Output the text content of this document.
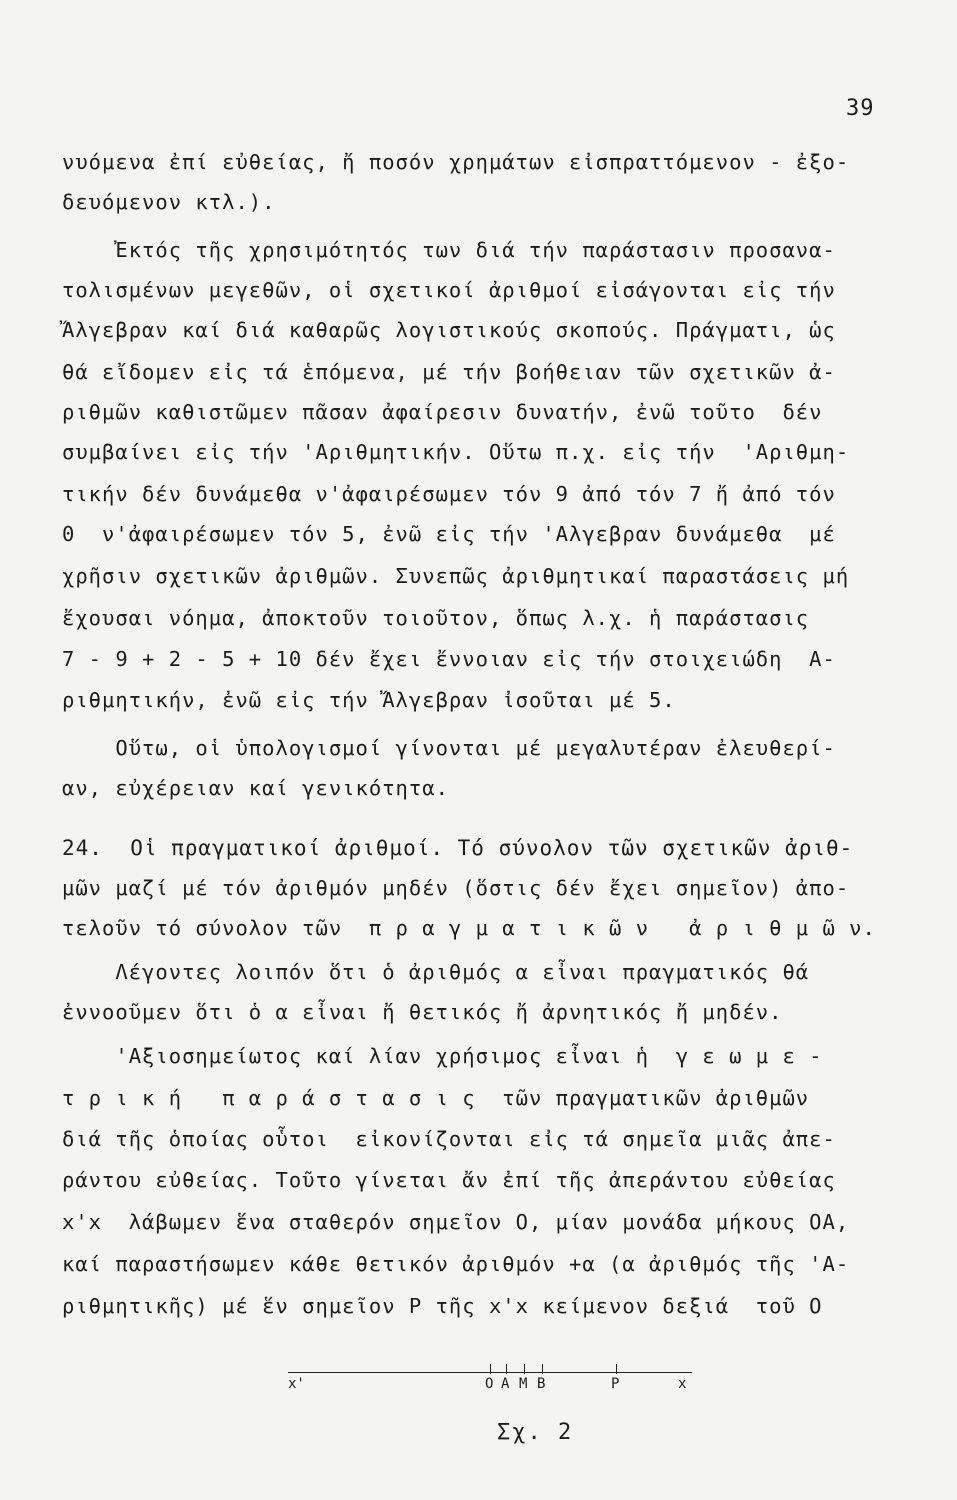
39
νυόμενα ἐπί εὐθείας, ἤ ποσόν χρημάτων εἰσπραττόμενον - ἐξο-
δευόμενον κτλ.).
Ἐκτός τῆς χρησιμότητός των διά τήν παράστασιν προσανα-
τολισμένων μεγεθῶν, οἱ σχετικοί ἀριθμοί εἰσάγονται εἰς τήν
Ἄλγεβραν καί διά καθαρῶς λογιστικούς σκοπούς. Πράγματι, ὡς
θά εἴδομεν εἰς τά ἑπόμενα, μέ τήν βοήθειαν τῶν σχετικῶν ἀ-
ριθμῶν καθιστῶμεν πᾶσαν ἀφαίρεσιν δυνατήν, ἐνῶ τοῦτο  δέν
συμβαίνει εἰς τήν 'Αριθμητικήν. Οὕτω π.χ. εἰς τήν  'Αριθμη-
τικήν δέν δυνάμεθα ν'ἀφαιρέσωμεν τόν 9 ἀπό τόν 7 ἤ ἀπό τόν
0  ν'ἀφαιρέσωμεν τόν 5, ἐνῶ εἰς τήν 'Αλγεβραν δυνάμεθα  μέ
χρῆσιν σχετικῶν ἀριθμῶν. Συνεπῶς ἀριθμητικαί παραστάσεις μή
ἔχουσαι νόημα, ἀποκτοῦν τοιοῦτον, ὅπως λ.χ. ἡ παράστασις
7 - 9 + 2 - 5 + 10 δέν ἔχει ἔννοιαν εἰς τήν στοιχειώδη  Α-
ριθμητικήν, ἐνῶ εἰς τήν Ἄλγεβραν ἰσοῦται μέ 5.
Οὕτω, οἱ ὑπολογισμοί γίνονται μέ μεγαλυτέραν ἐλευθερί-
αν, εὐχέρειαν καί γενικότητα.
24.  Οἱ πραγματικοί ἀριθμοί. Τό σύνολον τῶν σχετικῶν ἀριθ-
μῶν μαζί μέ τόν ἀριθμόν μηδέν (ὅστις δέν ἔχει σημεῖον) ἀπο-
τελοῦν τό σύνολον τῶν  π ρ α γ μ α τ ι κ ῶ ν   ἀ ρ ι θ μ ῶ ν.
Λέγοντες λοιπόν ὅτι ὁ ἀριθμός α εἶναι πραγματικός θά
ἐννοοῦμεν ὅτι ὁ α εἶναι ἤ θετικός ἤ ἀρνητικός ἤ μηδέν.
'Αξιοσημείωτος καί λίαν χρήσιμος εἶναι ἡ  γ ε ω μ ε -
τ ρ ι κ ή   π α ρ ά σ τ α σ ι ς  τῶν πραγματικῶν ἀριθμῶν
διά τῆς ὁποίας οὗτοι  εἰκονίζονται εἰς τά σημεῖα μιᾶς ἀπε-
ράντου εὐθείας. Τοῦτο γίνεται ἄν ἐπί τῆς ἀπεράντου εὐθείας
x'x  λάβωμεν ἕνα σταθερόν σημεῖον Ο, μίαν μονάδα μήκους ΟΑ,
καί παραστήσωμεν κάθε θετικόν ἀριθμόν +α (α ἀριθμός τῆς 'Α-
ριθμητικῆς) μέ ἕν σημεῖον Ρ τῆς x'x κείμενον δεξιά  τοῦ Ο
x'	O A M B	P	x
Σχ. 2
